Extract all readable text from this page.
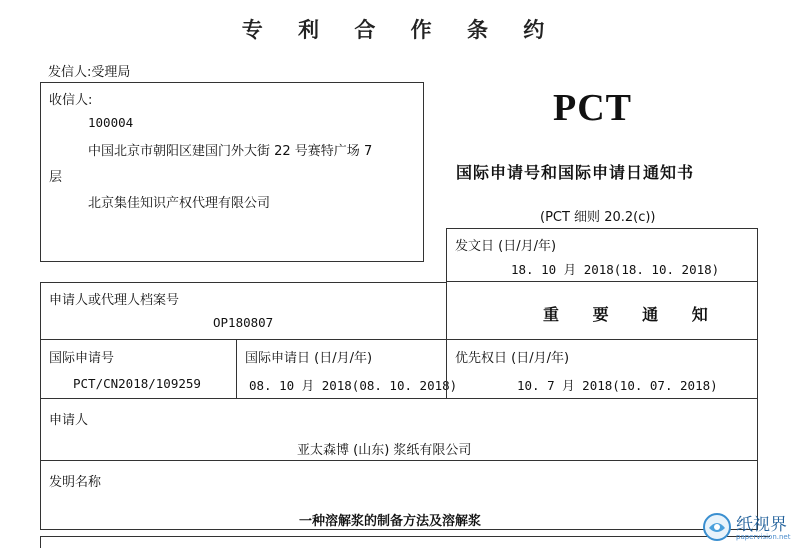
专 利 合 作 条 约
发信人:受理局
收信人:
100004
中国北京市朝阳区建国门外大街 22 号赛特广场 7
层
北京集佳知识产权代理有限公司
PCT
国际申请号和国际申请日通知书
(PCT 细则 20.2(c))
发文日 (日/月/年)
18. 10 月 2018(18. 10. 2018)
申请人或代理人档案号
OP180807	重 要 通 知
国际申请号
PCT/CN2018/109259
国际申请日 (日/月/年)
08. 10 月 2018(08. 10. 2018)
优先权日 (日/月/年)
10. 7 月 2018(10. 07. 2018)
申请人
亚太森博 (山东) 浆纸有限公司
发明名称
一种溶解浆的制备方法及溶解浆	纸视界
papervision.net
